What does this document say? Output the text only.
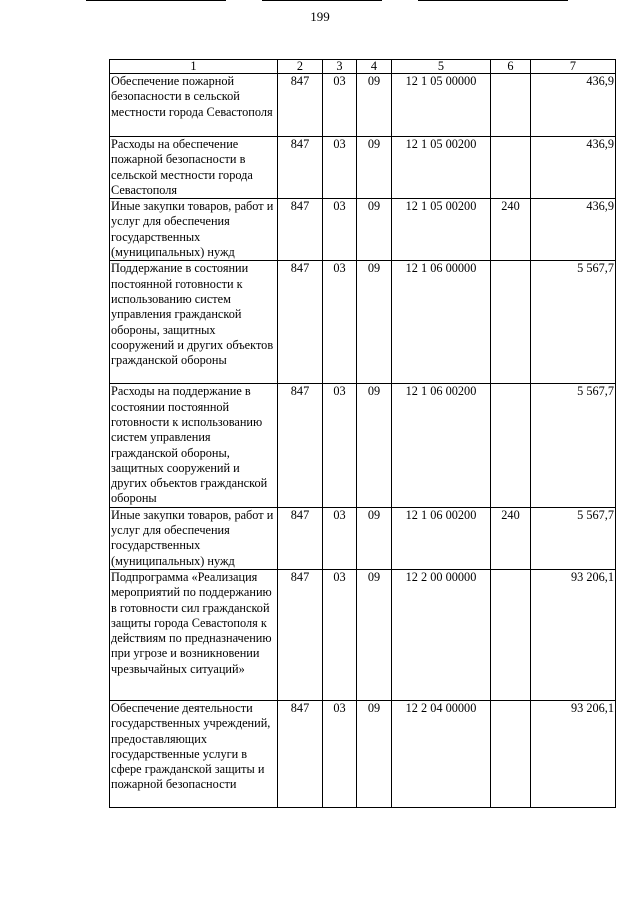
199
1	2	3	4	5	6	7
Обеспечение пожарной безопасности в сельской местности города Севастополя	847	03	09	12 1 05 00000		436,9
Расходы на обеспечение пожарной безопасности в сельской местности города Севастополя	847	03	09	12 1 05 00200		436,9
Иные закупки товаров, работ и услуг для обеспечения государственных (муниципальных) нужд	847	03	09	12 1 05 00200	240	436,9
Поддержание в состоянии постоянной готовности к использованию систем управления гражданской обороны, защитных сооружений и других объектов гражданской обороны	847	03	09	12 1 06 00000		5 567,7
Расходы на поддержание в состоянии постоянной готовности к использованию систем управления гражданской обороны, защитных сооружений и других объектов гражданской обороны	847	03	09	12 1 06 00200		5 567,7
Иные закупки товаров, работ и услуг для обеспечения государственных (муниципальных) нужд	847	03	09	12 1 06 00200	240	5 567,7
Подпрограмма «Реализация мероприятий по поддержанию в готовности сил гражданской защиты города Севастополя к действиям по предназначению при угрозе и возникновении чрезвычайных ситуаций»	847	03	09	12 2 00 00000		93 206,1
Обеспечение деятельности государственных учреждений, предоставляющих государственные услуги в сфере гражданской защиты и пожарной безопасности	847	03	09	12 2 04 00000		93 206,1
